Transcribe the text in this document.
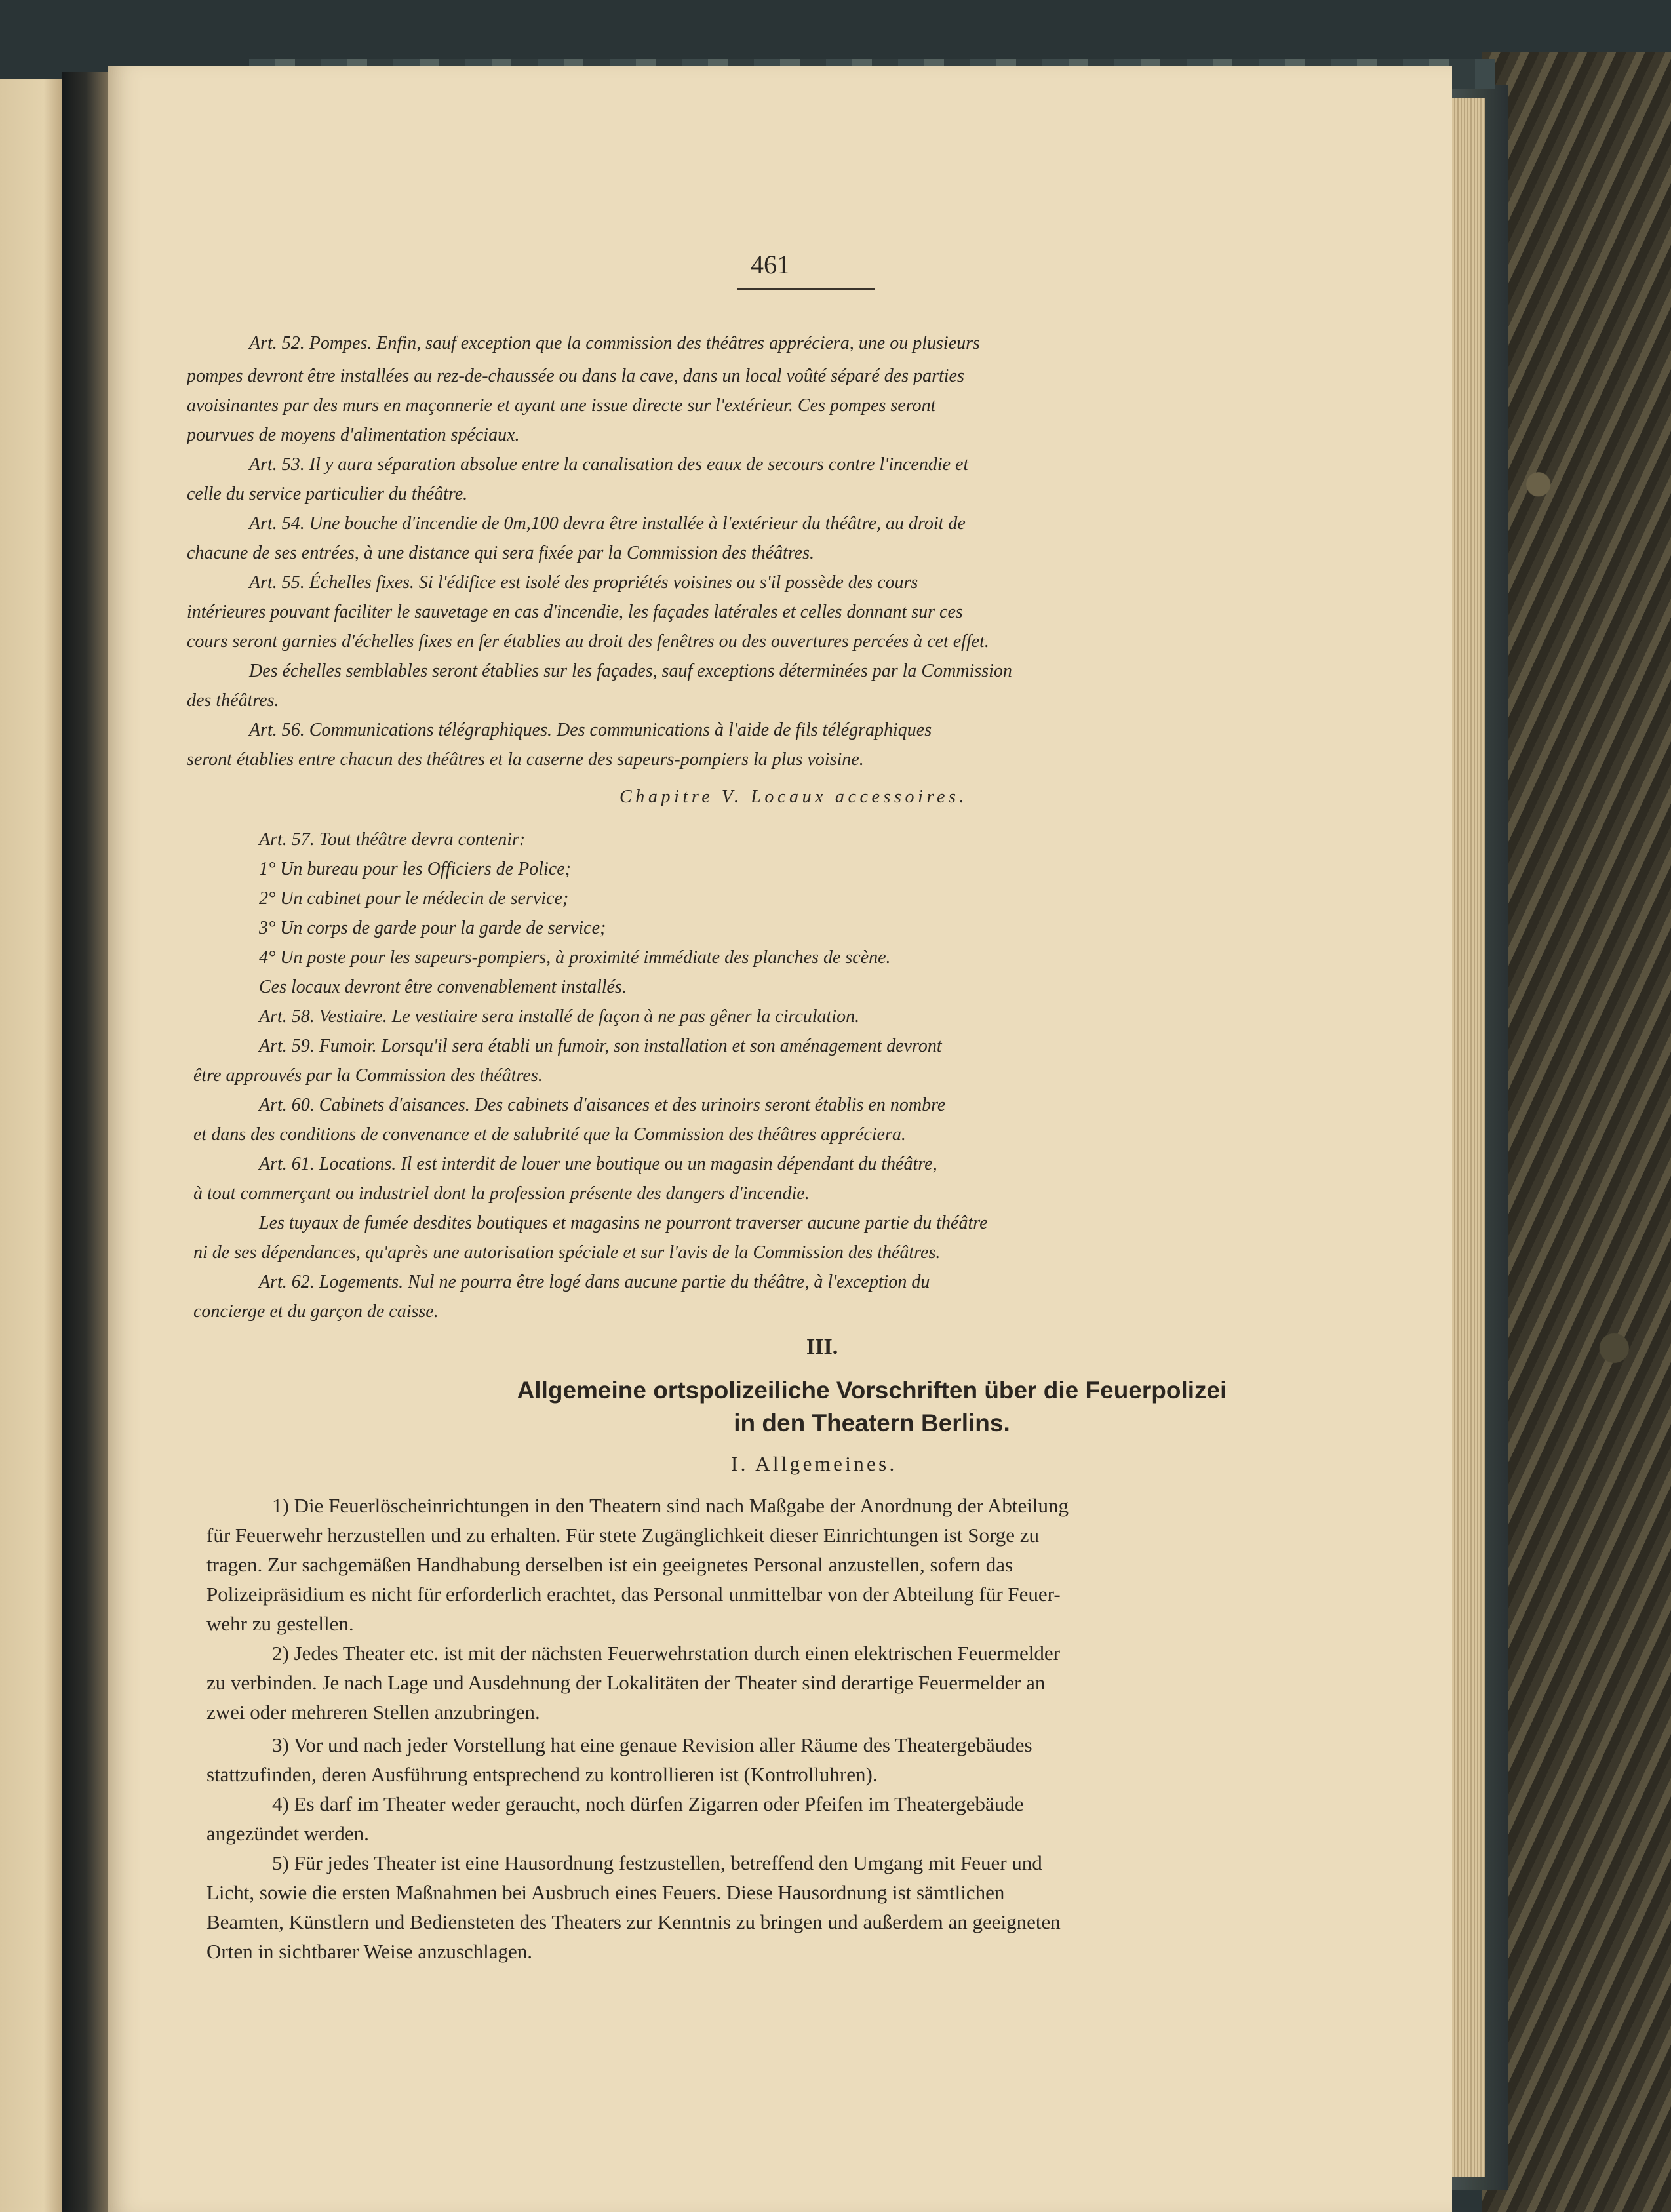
461
Art. 52. Pompes. Enfin, sauf exception que la commission des théâtres appréciera, une ou plusieurs
pompes devront être installées au rez-de-chaussée ou dans la cave, dans un local voûté séparé des parties
avoisinantes par des murs en maçonnerie et ayant une issue directe sur l'extérieur. Ces pompes seront
pourvues de moyens d'alimentation spéciaux.
Art. 53. Il y aura séparation absolue entre la canalisation des eaux de secours contre l'incendie et
celle du service particulier du théâtre.
Art. 54. Une bouche d'incendie de 0m,100 devra être installée à l'extérieur du théâtre, au droit de
chacune de ses entrées, à une distance qui sera fixée par la Commission des théâtres.
Art. 55. Échelles fixes. Si l'édifice est isolé des propriétés voisines ou s'il possède des cours
intérieures pouvant faciliter le sauvetage en cas d'incendie, les façades latérales et celles donnant sur ces
cours seront garnies d'échelles fixes en fer établies au droit des fenêtres ou des ouvertures percées à cet effet.
Des échelles semblables seront établies sur les façades, sauf exceptions déterminées par la Commission
des théâtres.
Art. 56. Communications télégraphiques. Des communications à l'aide de fils télégraphiques
seront établies entre chacun des théâtres et la caserne des sapeurs-pompiers la plus voisine.
Chapitre V. Locaux accessoires.
Art. 57. Tout théâtre devra contenir:
1° Un bureau pour les Officiers de Police;
2° Un cabinet pour le médecin de service;
3° Un corps de garde pour la garde de service;
4° Un poste pour les sapeurs-pompiers, à proximité immédiate des planches de scène.
Ces locaux devront être convenablement installés.
Art. 58. Vestiaire. Le vestiaire sera installé de façon à ne pas gêner la circulation.
Art. 59. Fumoir. Lorsqu'il sera établi un fumoir, son installation et son aménagement devront
être approuvés par la Commission des théâtres.
Art. 60. Cabinets d'aisances. Des cabinets d'aisances et des urinoirs seront établis en nombre
et dans des conditions de convenance et de salubrité que la Commission des théâtres appréciera.
Art. 61. Locations. Il est interdit de louer une boutique ou un magasin dépendant du théâtre,
à tout commerçant ou industriel dont la profession présente des dangers d'incendie.
Les tuyaux de fumée desdites boutiques et magasins ne pourront traverser aucune partie du théâtre
ni de ses dépendances, qu'après une autorisation spéciale et sur l'avis de la Commission des théâtres.
Art. 62. Logements. Nul ne pourra être logé dans aucune partie du théâtre, à l'exception du
concierge et du garçon de caisse.
III.
Allgemeine ortspolizeiliche Vorschriften über die Feuerpolizei
in den Theatern Berlins.
I. Allgemeines.
1) Die Feuerlöscheinrichtungen in den Theatern sind nach Maßgabe der Anordnung der Abteilung
für Feuerwehr herzustellen und zu erhalten. Für stete Zugänglichkeit dieser Einrichtungen ist Sorge zu
tragen. Zur sachgemäßen Handhabung derselben ist ein geeignetes Personal anzustellen, sofern das
Polizeipräsidium es nicht für erforderlich erachtet, das Personal unmittelbar von der Abteilung für Feuer-
wehr zu gestellen.
2) Jedes Theater etc. ist mit der nächsten Feuerwehrstation durch einen elektrischen Feuermelder
zu verbinden. Je nach Lage und Ausdehnung der Lokalitäten der Theater sind derartige Feuermelder an
zwei oder mehreren Stellen anzubringen.
3) Vor und nach jeder Vorstellung hat eine genaue Revision aller Räume des Theatergebäudes
stattzufinden, deren Ausführung entsprechend zu kontrollieren ist (Kontrolluhren).
4) Es darf im Theater weder geraucht, noch dürfen Zigarren oder Pfeifen im Theatergebäude
angezündet werden.
5) Für jedes Theater ist eine Hausordnung festzustellen, betreffend den Umgang mit Feuer und
Licht, sowie die ersten Maßnahmen bei Ausbruch eines Feuers. Diese Hausordnung ist sämtlichen
Beamten, Künstlern und Bediensteten des Theaters zur Kenntnis zu bringen und außerdem an geeigneten
Orten in sichtbarer Weise anzuschlagen.
